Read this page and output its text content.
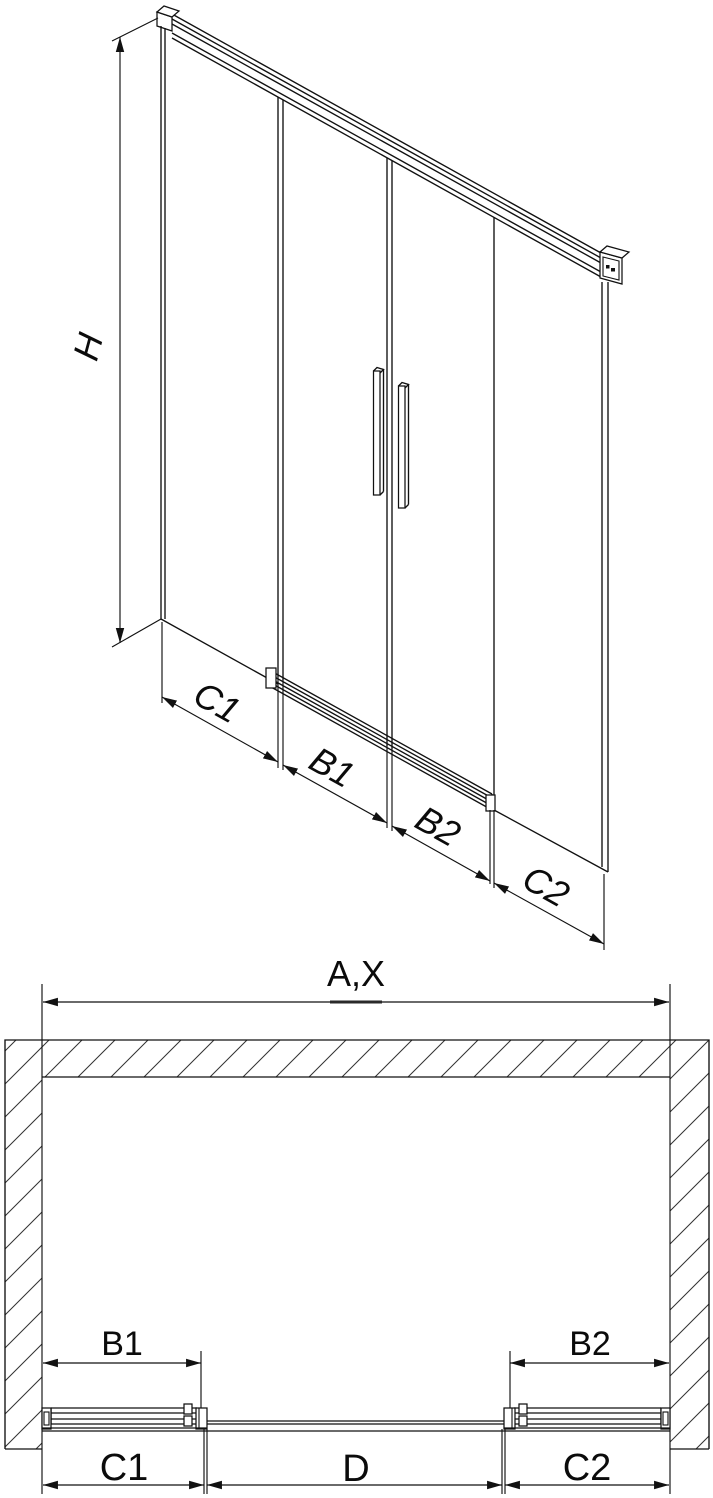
H
C1
B1
B2
C2
A,X
B1	B2
C1	D	C2
